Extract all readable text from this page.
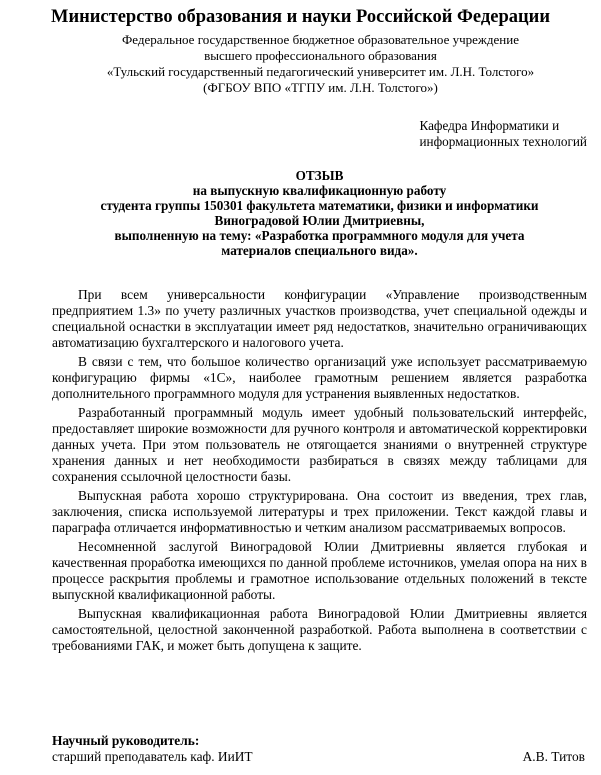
Министерство образования и науки Российской Федерации
Федеральное государственное бюджетное образовательное учреждение
высшего профессионального образования
«Тульский государственный педагогический университет им. Л.Н. Толстого»
(ФГБОУ ВПО «ТГПУ им. Л.Н. Толстого»)
Кафедра Информатики и
информационных технологий
ОТЗЫВ
на выпускную квалификационную работу
студента группы 150301 факультета математики, физики и информатики
Виноградовой Юлии Дмитриевны,
выполненную на тему: «Разработка программного модуля для учета
материалов специального вида».

При всем универсальности конфигурации «Управление производственным предприятием 1.3» по учету различных участков производства, учет специальной одежды и специальной оснастки в эксплуатации имеет ряд недостатков, значительно ограничивающих автоматизацию бухгалтерского и налогового учета.

В связи с тем, что большое количество организаций уже использует рассматриваемую конфигурацию фирмы «1С», наиболее грамотным решением является разработка дополнительного программного модуля для устранения выявленных недостатков.

Разработанный программный модуль имеет удобный пользовательский интерфейс, предоставляет широкие возможности для ручного контроля и автоматической корректировки данных учета. При этом пользователь не отягощается знаниями о внутренней структуре хранения данных и нет необходимости разбираться в связях между таблицами для сохранения ссылочной целостности базы.

Выпускная работа хорошо структурирована. Она состоит из введения, трех глав, заключения, списка используемой литературы и трех приложении. Текст каждой главы и параграфа отличается информативностью и четким анализом рассматриваемых вопросов.

Несомненной заслугой Виноградовой Юлии Дмитриевны является глубокая и качественная проработка имеющихся по данной проблеме источников, умелая опора на них в процессе раскрытия проблемы и грамотное использование отдельных положений в тексте выпускной квалификационной работы.

Выпускная квалификационная работа Виноградовой Юлии Дмитриевны является самостоятельной, целостной законченной разработкой. Работа выполнена в соответствии с требованиями ГАК, и может быть допущена к защите.

Научный руководитель:
старший преподаватель каф. ИиИТ	А.В. Титов
